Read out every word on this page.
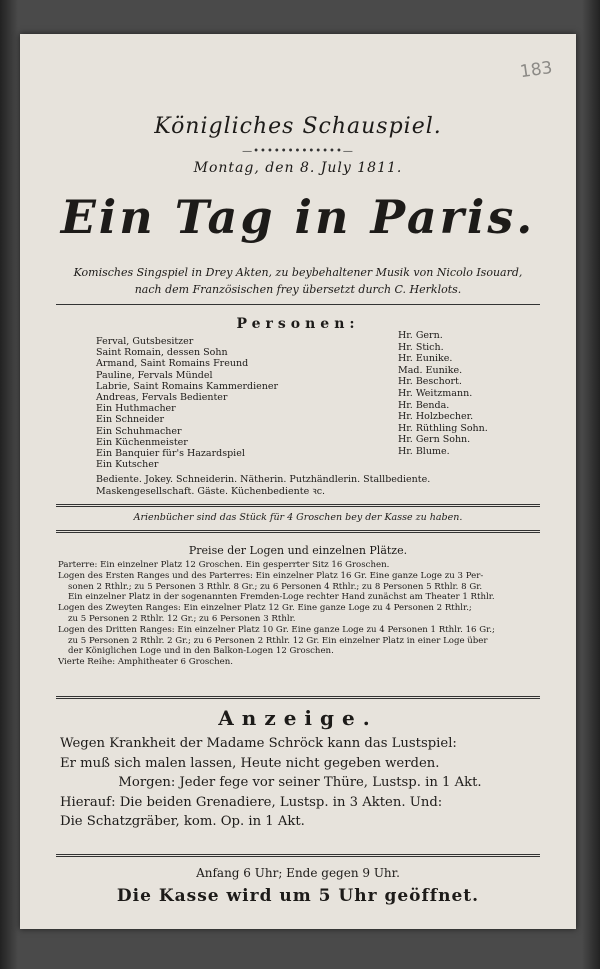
183
Königliches Schauspiel.
—•••••••••••••—
Montag, den 8. July 1811.
Ein Tag in Paris.
Komisches Singspiel in Drey Akten, zu beybehaltener Musik von Nicolo Isouard,
nach dem Französischen frey übersetzt durch C. Herklots.
Personen:
Ferval, Gutsbesitzer
Saint Romain, dessen Sohn
Armand, Saint Romains Freund
Pauline, Fervals Mündel
Labrie, Saint Romains Kammerdiener
Andreas, Fervals Bedienter
Ein Huthmacher
Ein Schneider
Ein Schuhmacher
Ein Küchenmeister
Ein Banquier für's Hazardspiel
Ein Kutscher
Hr. Gern.
Hr. Stich.
Hr. Eunike.
Mad. Eunike.
Hr. Beschort.
Hr. Weitzmann.
Hr. Benda.
Hr. Holzbecher.
Hr. Rüthling Sohn.
Hr. Gern Sohn.
Hr. Blume.
Bediente. Jokey. Schneiderin. Nätherin. Putzhändlerin. Stallbediente.
Maskengesellschaft. Gäste. Küchenbediente ꝛc.
Arienbücher sind das Stück für 4 Groschen bey der Kasse zu haben.
Preise der Logen und einzelnen Plätze.
Parterre: Ein einzelner Platz 12 Groschen. Ein gesperrter Sitz 16 Groschen.
Logen des Ersten Ranges und des Parterres: Ein einzelner Platz 16 Gr. Eine ganze Loge zu 3 Per-
sonen 2 Rthlr.; zu 5 Personen 3 Rthlr. 8 Gr.; zu 6 Personen 4 Rthlr.; zu 8 Personen 5 Rthlr. 8 Gr.
Ein einzelner Platz in der sogenannten Fremden-Loge rechter Hand zunächst am Theater 1 Rthlr.
Logen des Zweyten Ranges: Ein einzelner Platz 12 Gr. Eine ganze Loge zu 4 Personen 2 Rthlr.;
zu 5 Personen 2 Rthlr. 12 Gr.; zu 6 Personen 3 Rthlr.
Logen des Dritten Ranges: Ein einzelner Platz 10 Gr. Eine ganze Loge zu 4 Personen 1 Rthlr. 16 Gr.;
zu 5 Personen 2 Rthlr. 2 Gr.; zu 6 Personen 2 Rthlr. 12 Gr. Ein einzelner Platz in einer Loge über
der Königlichen Loge und in den Balkon-Logen 12 Groschen.
Vierte Reihe: Amphitheater 6 Groschen.
Anzeige.
Wegen Krankheit der Madame Schröck kann das Lustspiel:
Er muß sich malen lassen, Heute nicht gegeben werden.
Morgen: Jeder fege vor seiner Thüre, Lustsp. in 1 Akt.
Hierauf: Die beiden Grenadiere, Lustsp. in 3 Akten. Und:
Die Schatzgräber, kom. Op. in 1 Akt.
Anfang 6 Uhr; Ende gegen 9 Uhr.
Die Kasse wird um 5 Uhr geöffnet.
